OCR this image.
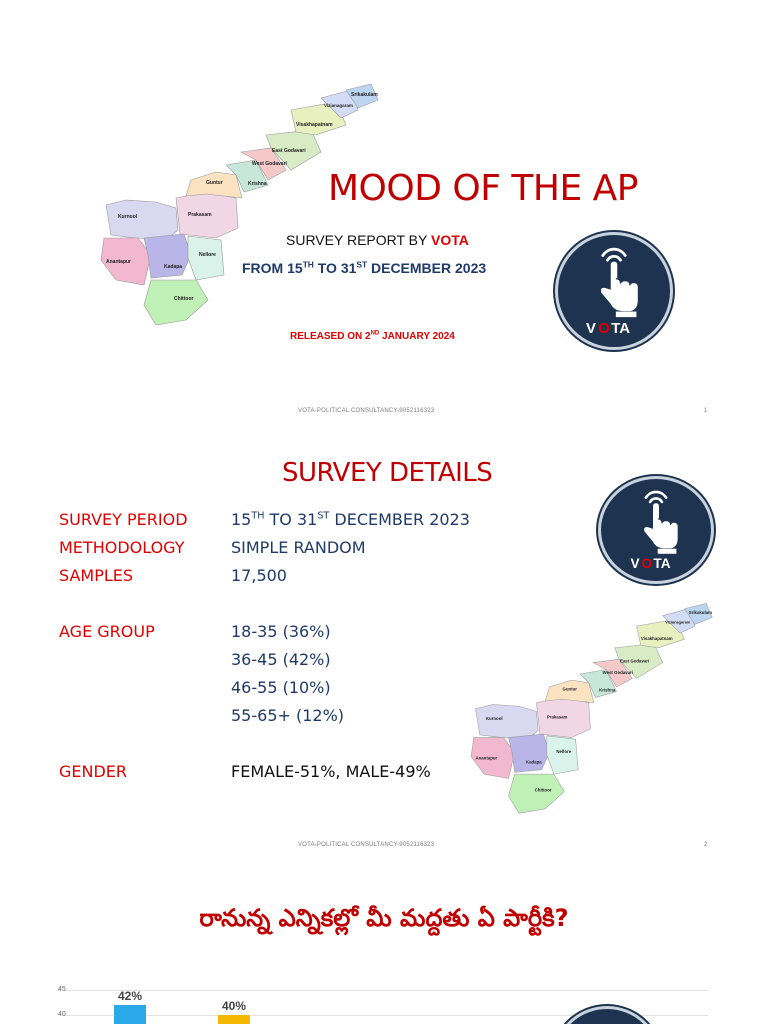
Srikakulam
Vizianagaram
Visakhapatnam
East Godavari
West Godavari
Krishna
Guntur
Prakasam
Kurnool
Nellore
Kadapa
Anantapur
Chittoor
MOOD OF THE AP
SURVEY REPORT BY VOTA
FROM 15TH TO 31ST DECEMBER 2023
RELEASED ON 2ND JANUARY 2024	V O TA
VOTA-POLITICAL CONSULTANCY-9052116323	1
SURVEY DETAILS
SURVEY PERIOD	15TH TO 31ST DECEMBER 2023
METHODOLOGY	SIMPLE RANDOM
SAMPLES	17,500
AGE GROUP	18-35 (36%)
36-45 (42%)
46-55 (10%)
55-65+ (12%)
GENDER	FEMALE-51%, MALE-49%
V O TA
Srikakulam
Vizianagaram
Visakhapatnam
East Godavari
West Godavari
Krishna
Guntur
Prakasam
Kurnool
Nellore
Kadapa
Anantapur
Chittoor
VOTA-POLITICAL CONSULTANCY-9052116323	2
రానున్న ఎన్నికల్లో మీ మద్దతు ఏ పార్టీకి?
40
45	42%
40%
